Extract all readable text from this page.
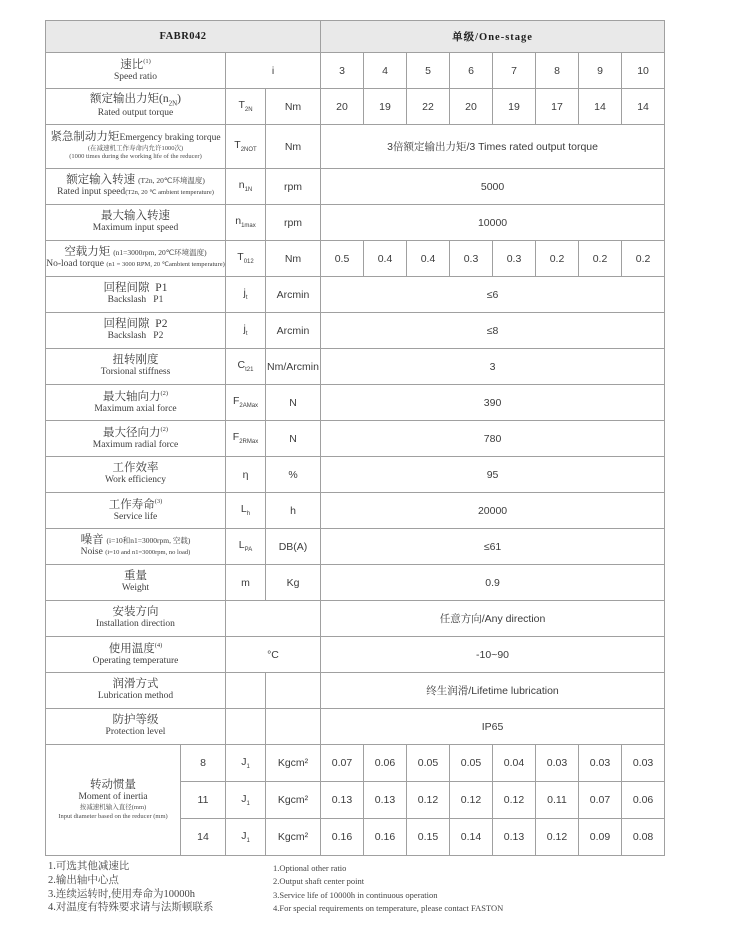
FABR042				单级/One-stage							

速比$^{(1)}$
Speed ratio		i		3	4	5	6	7	8	9	10

额定输出力矩$(n_{2N})$
Rated output torque		$T_{2N}$	Nm	20	19	22	20	19	17	14	14

紧急制动力矩Emergency braking torque
(在减速机工作寿命内允许1000次)
(1000 times during the working life of the reducer)		$T_{2NOT}$	Nm	3倍额定输出力矩/3 Times rated output torque							

额定输入转速 (T2n, 20℃环境温度)
Rated input speed(T2n, 20 ℃ ambient temperature)		$n_{1N}$	rpm	5000							

最大输入转速
Maximum input speed		$n_{1max}$	rpm	10000							

空载力矩 (n1=3000rpm, 20℃环境温度)
No-load torque (n1 = 3000 RPM, 20 ℃ambient temperature)		$T_{012}$	Nm	0.5	0.4	0.4	0.3	0.3	0.2	0.2	0.2

回程间隙  P1
Backslash   P1		$j_t$	Arcmin	≤6							

回程间隙  P2
Backslash   P2		$j_t$	Arcmin	≤8							

扭转刚度
Torsional stiffness		$C_{t21}$	Nm/Arcmin	3							

最大轴向力$^{(2)}$
Maximum axial force		$F_{2AMax}$	N	390							

最大径向力$^{(2)}$
Maximum radial force		$F_{2RMax}$	N	780							

工作效率
Work efficiency		η	%	95							

工作寿命$^{(3)}$
Service life		$L_h$	h	20000							

噪音 (i=10和n1=3000rpm, 空载)
Noise (i=10 and n1=3000rpm, no load)		$L_{PA}$	DB(A)	≤61							

重量
Weight		m	Kg	0.9							

安装方向
Installation direction				任意方向/Any direction							

使用温度$^{(4)}$
Operating temperature		°C		-10~90							

润滑方式
Lubrication method				终生润滑/Lifetime lubrication							

防护等级
Protection level				IP65							

转动惯量
Moment of inertia
按减速机输入直径(mm)
Input diameter based on the reducer (mm)	8	$J_1$	Kgcm²	0.07	0.06	0.05	0.05	0.04	0.03	0.03	0.03
	11	$J_1$	Kgcm²	0.13	0.13	0.12	0.12	0.12	0.11	0.07	0.06
	14	$J_1$	Kgcm²	0.16	0.16	0.15	0.14	0.13	0.12	0.09	0.08
1.可选其他减速比
2.输出轴中心点
3.连续运转时,使用寿命为10000h
4.对温度有特殊要求请与法斯顿联系
1.Optional other ratio
2.Output shaft center point
3.Service life of 10000h in continuous operation
4.For special requirements on temperature, please contact FASTON
